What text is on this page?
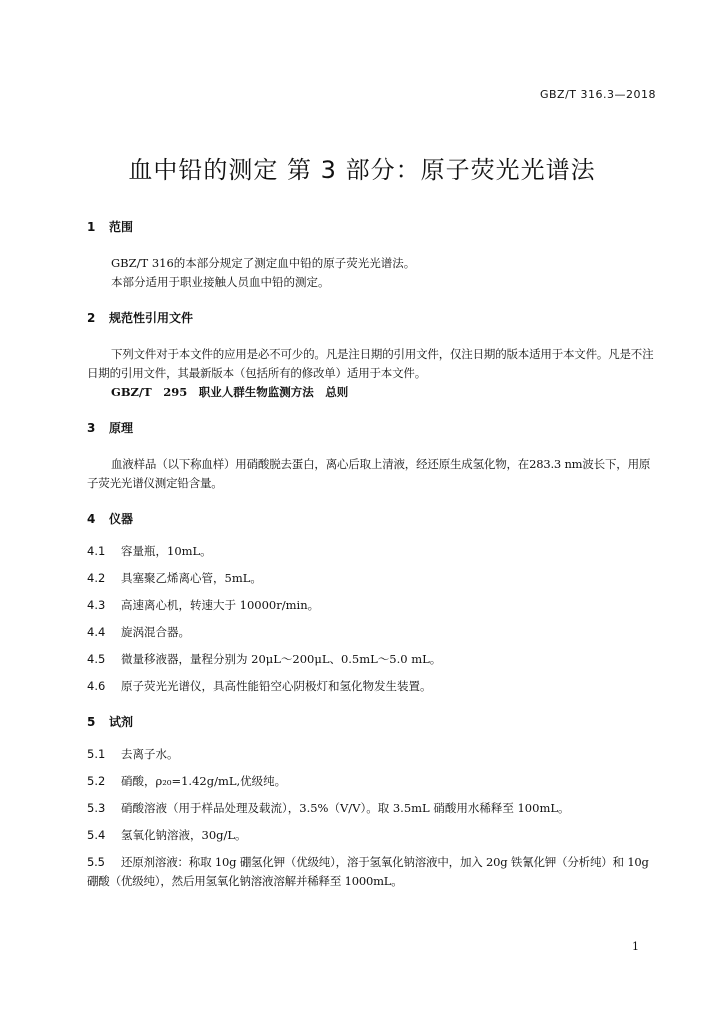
GBZ/T 316.3—2018
血中铅的测定 第 3 部分：原子荧光光谱法
1 范围

GBZ/T 316的本部分规定了测定血中铅的原子荧光光谱法。

本部分适用于职业接触人员血中铅的测定。

2 规范性引用文件

下列文件对于本文件的应用是必不可少的。凡是注日期的引用文件，仅注日期的版本适用于本文件。凡是不注日期的引用文件，其最新版本（包括所有的修改单）适用于本文件。

GBZ/T　295　职业人群生物监测方法　总则

3 原理

血液样品（以下称血样）用硝酸脱去蛋白，离心后取上清液，经还原生成氢化物，在283.3 nm波长下，用原子荧光光谱仪测定铅含量。

4 仪器

4.1 容量瓶，10mL。

4.2 具塞聚乙烯离心管，5mL。

4.3 高速离心机，转速大于 10000r/min。

4.4 旋涡混合器。

4.5 微量移液器，量程分别为 20μL～200μL、0.5mL～5.0 mL。

4.6 原子荧光光谱仪，具高性能铅空心阴极灯和氢化物发生装置。

5 试剂

5.1 去离子水。

5.2 硝酸，ρ₂₀=1.42g/mL,优级纯。

5.3 硝酸溶液（用于样品处理及载流），3.5%（V/V）。取 3.5mL 硝酸用水稀释至 100mL。

5.4 氢氧化钠溶液，30g/L。

5.5 还原剂溶液：称取 10g 硼氢化钾（优级纯），溶于氢氧化钠溶液中，加入 20g 铁氰化钾（分析纯）和 10g 硼酸（优级纯），然后用氢氧化钠溶液溶解并稀释至 1000mL。

1
